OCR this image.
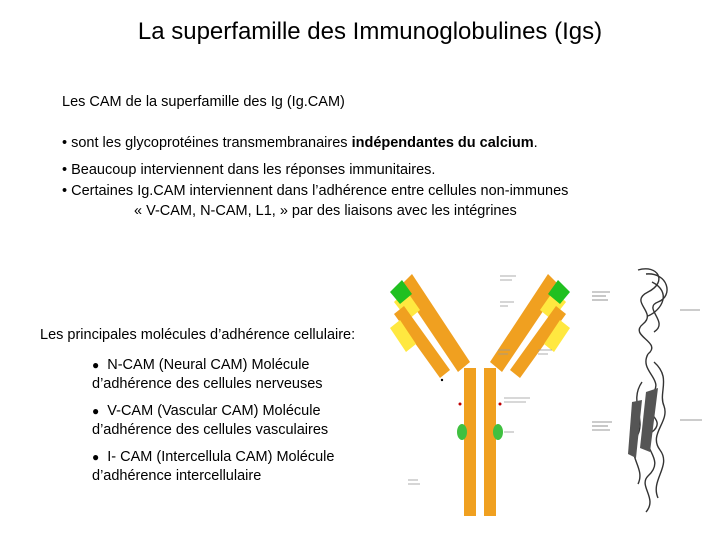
La superfamille des Immunoglobulines (Igs)
Les CAM de la superfamille des Ig (Ig.CAM)
• sont les glycoprotéines transmembranaires indépendantes du calcium.
• Beaucoup interviennent dans les réponses immunitaires.
• Certaines Ig.CAM interviennent dans l’adhérence entre cellules non-immunes
« V-CAM, N-CAM, L1, » par des liaisons avec les intégrines
Les principales molécules d’adhérence cellulaire:
● N-CAM (Neural CAM) Molécule
d’adhérence des cellules nerveuses
● V-CAM (Vascular CAM) Molécule
d’adhérence des cellules vasculaires
● I- CAM (Intercellula CAM) Molécule
d’adhérence intercellulaire
